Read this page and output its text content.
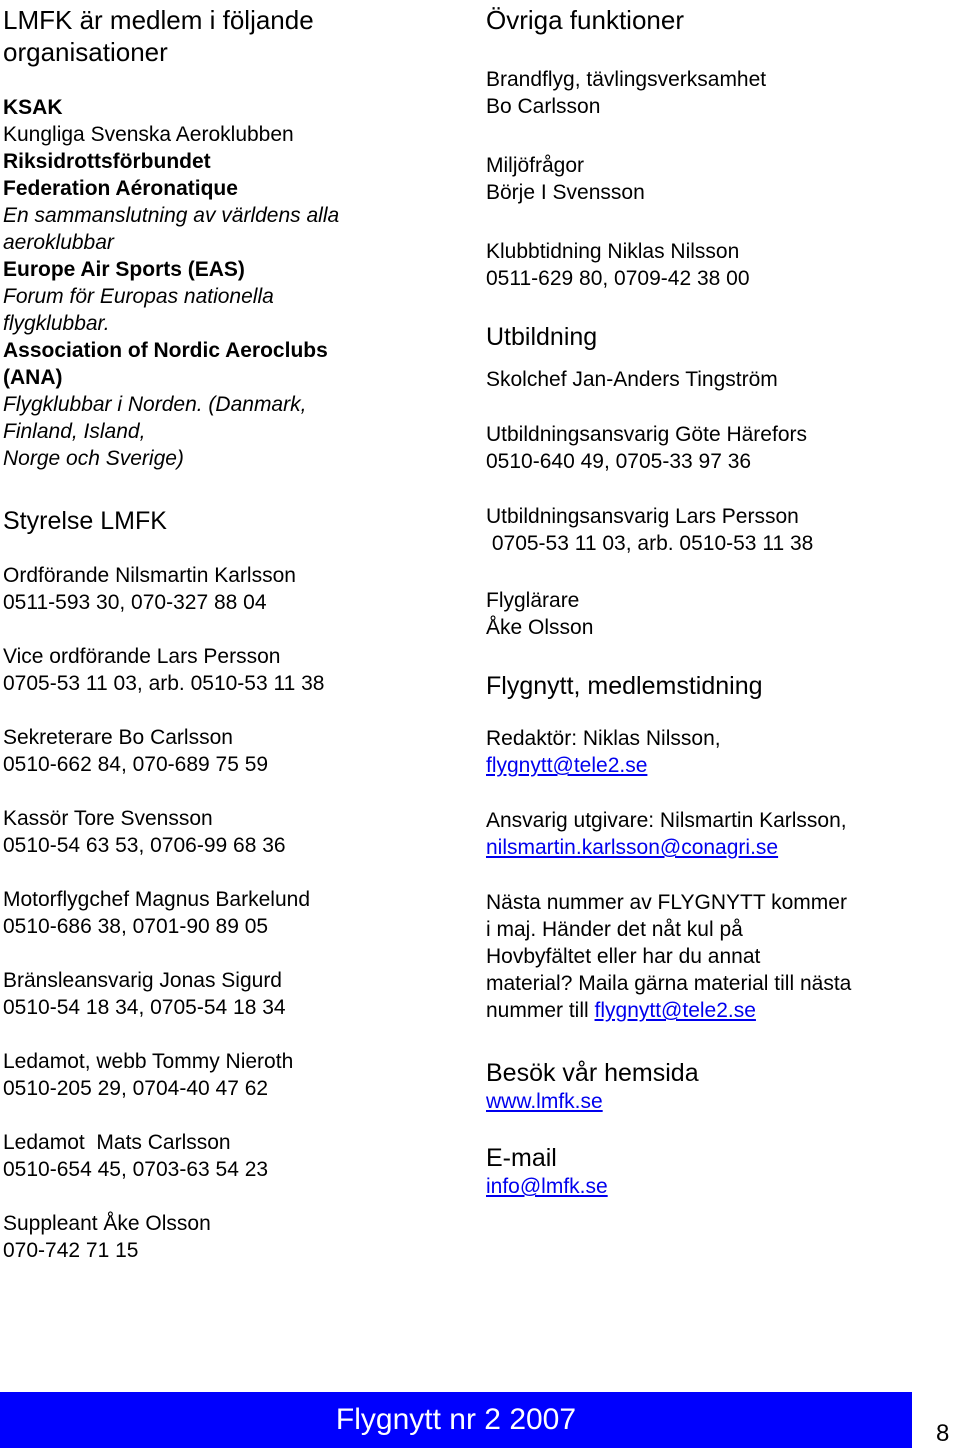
LMFK är medlem i följande

organisationer

KSAK

Kungliga Svenska Aeroklubben

Riksidrottsförbundet

Federation Aéronatique

En sammanslutning av världens alla

aeroklubbar

Europe Air Sports (EAS)

Forum för Europas nationella

flygklubbar.

Association of Nordic Aeroclubs

(ANA)

Flygklubbar i Norden. (Danmark,

Finland, Island,

Norge och Sverige)

Styrelse LMFK

Ordförande Nilsmartin Karlsson

0511-593 30, 070-327 88 04

Vice ordförande Lars Persson

0705-53 11 03, arb. 0510-53 11 38

Sekreterare Bo Carlsson

0510-662 84, 070-689 75 59

Kassör Tore Svensson

0510-54 63 53, 0706-99 68 36

Motorflygchef Magnus Barkelund

0510-686 38, 0701-90 89 05

Bränsleansvarig Jonas Sigurd

0510-54 18 34, 0705-54 18 34

Ledamot, webb Tommy Nieroth

0510-205 29, 0704-40 47 62

Ledamot  Mats Carlsson

0510-654 45, 0703-63 54 23

Suppleant Åke Olsson

070-742 71 15

Övriga funktioner

Brandflyg, tävlingsverksamhet

Bo Carlsson

Miljöfrågor

Börje I Svensson

Klubbtidning Niklas Nilsson

0511-629 80, 0709-42 38 00

Utbildning

Skolchef Jan-Anders Tingström

Utbildningsansvarig Göte Härefors

0510-640 49, 0705-33 97 36

Utbildningsansvarig Lars Persson

0705-53 11 03, arb. 0510-53 11 38

Flyglärare

Åke Olsson

Flygnytt, medlemstidning

Redaktör: Niklas Nilsson,

flygnytt@tele2.se

Ansvarig utgivare: Nilsmartin Karlsson,

nilsmartin.karlsson@conagri.se

Nästa nummer av FLYGNYTT kommer

i maj. Händer det nåt kul på

Hovbyfältet eller har du annat

material? Maila gärna material till nästa

nummer till flygnytt@tele2.se

Besök vår hemsida

www.lmfk.se

E-mail

info@lmfk.se

Flygnytt nr 2 2007	8
